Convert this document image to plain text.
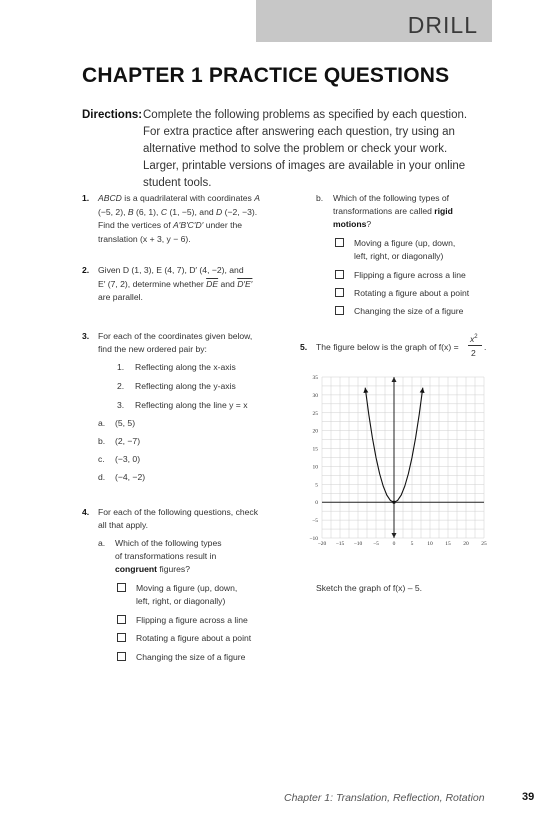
DRILL
CHAPTER 1 PRACTICE QUESTIONS
Directions: Complete the following problems as specified by each question. For extra practice after answering each question, try using an alternative method to solve the problem or check your work. Larger, printable versions of images are available in your online student tools.
1. ABCD is a quadrilateral with coordinates A
(−5, 2), B (6, 1), C (1, −5), and D (−2, −3).
Find the vertices of A′B′C′D′ under the
translation (x + 3, y − 6).
2. Given D (1, 3), E (4, 7), D′ (4, −2), and
E′ (7, 2), determine whether $\overline{DE}$ and D′E′
are parallel.
3. For each of the coordinates given below,
find the new ordered pair by:
1. Reflecting along the x-axis
2. Reflecting along the y-axis
3. Reflecting along the line y = x
a. (5, 5)
b. (2, −7)
c. (−3, 0)
d. (−4, −2)
4. For each of the following questions, check
all that apply.
a. Which of the following types
of transformations result in
congruent figures?
Moving a figure (up, down,
left, right, or diagonally)
Flipping a figure across a line
Rotating a figure about a point
Changing the size of a figure
b. Which of the following types of
transformations are called rigid
motions?
Moving a figure (up, down,
left, right, or diagonally)
Flipping a figure across a line
Rotating a figure about a point
Changing the size of a figure
5. The figure below is the graph of f(x) =
$x^2$
2
.
−20 −15 −10 −5 0	5	10 15 20 25
−10
−5
0
5
10
15
20
25
30
35
Sketch the graph of f(x) – 5.
Chapter 1: Translation, Reflection, Rotation	39
